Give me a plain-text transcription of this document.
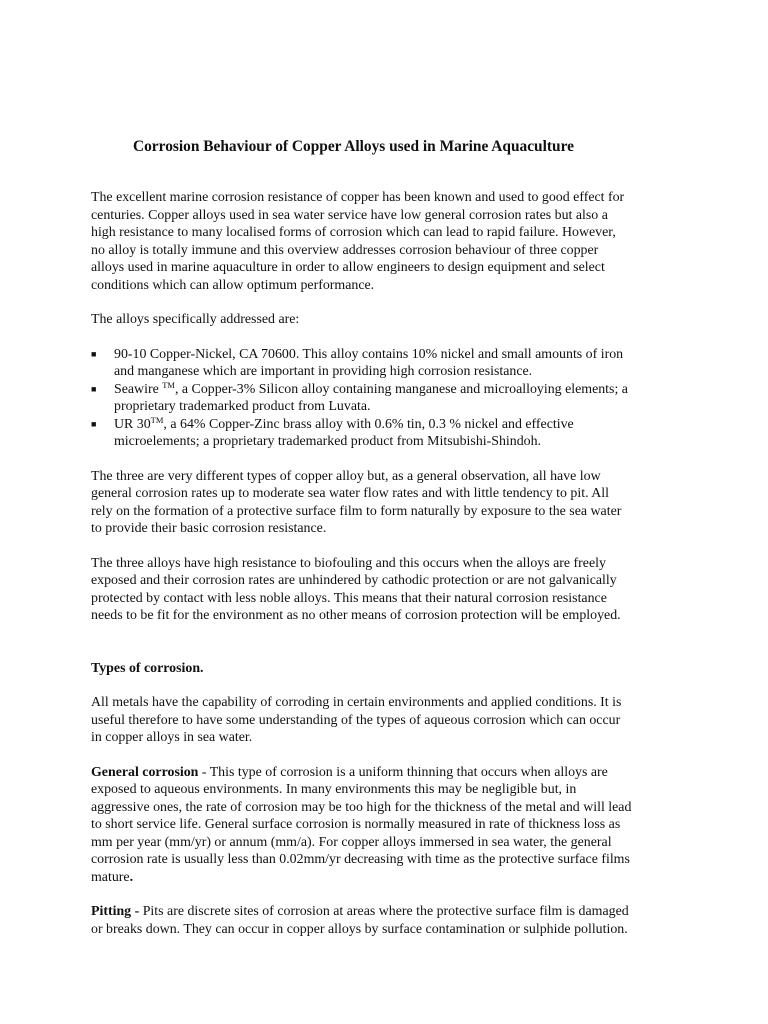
Corrosion Behaviour of Copper Alloys used in Marine Aquaculture

The excellent marine corrosion resistance of copper has been known and used to good effect for
centuries. Copper alloys used in sea water service have low general corrosion rates but also a
high resistance to many localised forms of corrosion which can lead to rapid failure. However,
no alloy is totally immune and this overview addresses corrosion behaviour of three copper
alloys used in marine aquaculture in order to allow engineers to design equipment and select
conditions which can allow optimum performance.

The alloys specifically addressed are:

■ 90-10 Copper-Nickel, CA 70600. This alloy contains 10% nickel and small amounts of iron
and manganese which are important in providing high corrosion resistance.
■ Seawire ™, a Copper-3% Silicon alloy containing manganese and microalloying elements; a
proprietary trademarked product from Luvata.
■ UR 30™, a 64% Copper-Zinc brass alloy with 0.6% tin, 0.3 % nickel and effective
microelements; a proprietary trademarked product from Mitsubishi-Shindoh.

The three are very different types of copper alloy but, as a general observation, all have low
general corrosion rates up to moderate sea water flow rates and with little tendency to pit. All
rely on the formation of a protective surface film to form naturally by exposure to the sea water
to provide their basic corrosion resistance.

The three alloys have high resistance to biofouling and this occurs when the alloys are freely
exposed and their corrosion rates are unhindered by cathodic protection or are not galvanically
protected by contact with less noble alloys. This means that their natural corrosion resistance
needs to be fit for the environment as no other means of corrosion protection will be employed.

Types of corrosion.

All metals have the capability of corroding in certain environments and applied conditions. It is
useful therefore to have some understanding of the types of aqueous corrosion which can occur
in copper alloys in sea water.

General corrosion - This type of corrosion is a uniform thinning that occurs when alloys are
exposed to aqueous environments. In many environments this may be negligible but, in
aggressive ones, the rate of corrosion may be too high for the thickness of the metal and will lead
to short service life. General surface corrosion is normally measured in rate of thickness loss as
mm per year (mm/yr) or annum (mm/a). For copper alloys immersed in sea water, the general
corrosion rate is usually less than 0.02mm/yr decreasing with time as the protective surface films
mature.

Pitting - Pits are discrete sites of corrosion at areas where the protective surface film is damaged
or breaks down. They can occur in copper alloys by surface contamination or sulphide pollution.
